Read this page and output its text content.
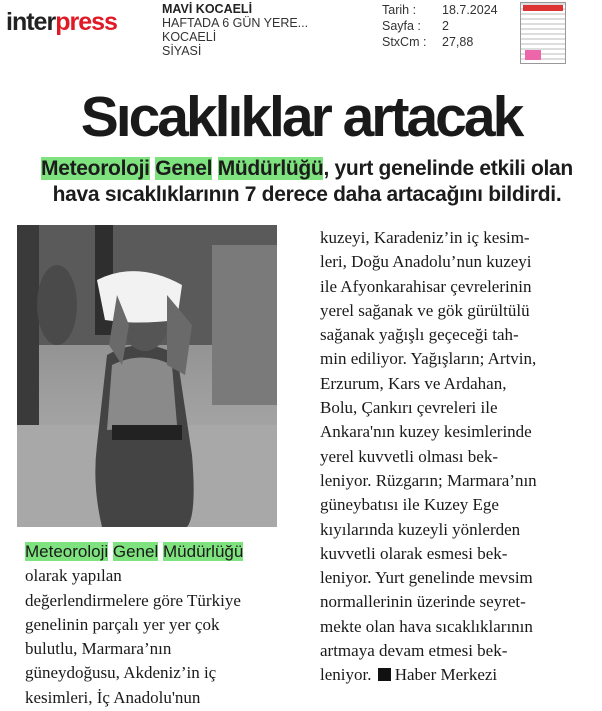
interpress	MAVİ KOCAELİ
HAFTADA 6 GÜN YERE...
KOCAELİ
SİYASİ
Tarih :	18.7.2024
Sayfa :	2
StxCm :	27,88
Sıcaklıklar artacak
Meteoroloji Genel Müdürlüğü, yurt genelinde etkili olan
hava sıcaklıklarının 7 derece daha artacağını bildirdi.
Meteoroloji Genel Müdürlüğü
olarak yapılan
değerlendirmelere göre Türkiye
genelinin parçalı yer yer çok
bulutlu, Marmara’nın
güneydoğusu, Akdeniz’in iç
kesimleri, İç Anadolu'nun
kuzeyi, Karadeniz’in iç kesim-
leri, Doğu Anadolu’nun kuzeyi
ile Afyonkarahisar çevrelerinin
yerel sağanak ve gök gürültülü
sağanak yağışlı geçeceği tah-
min ediliyor. Yağışların; Artvin,
Erzurum, Kars ve Ardahan,
Bolu, Çankırı çevreleri ile
Ankara'nın kuzey kesimlerinde
yerel kuvvetli olması bek-
leniyor. Rüzgarın; Marmara’nın
güneybatısı ile Kuzey Ege
kıyılarında kuzeyli yönlerden
kuvvetli olarak esmesi bek-
leniyor. Yurt genelinde mevsim
normallerinin üzerinde seyret-
mekte olan hava sıcaklıklarının
artmaya devam etmesi bek-
leniyor. Haber Merkezi
